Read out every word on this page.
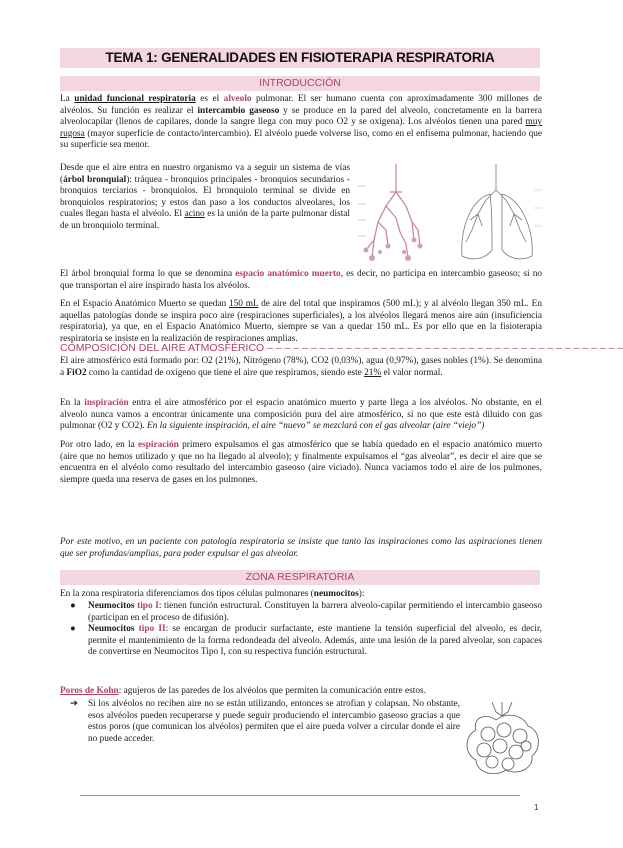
TEMA 1: GENERALIDADES EN FISIOTERAPIA RESPIRATORIA
INTRODUCCIÓN

La unidad funcional respiratoria es el alveolo pulmonar. El ser humano cuenta con aproximadamente 300 millones de alvéolos. Su función es realizar el intercambio gaseoso y se produce en la pared del alveolo, concretamente en la barrera alveolocapilar (llenos de capilares, donde la sangre llega con muy poco O2 y se oxigena). Los alvéolos tienen una pared muy rugosa (mayor superficie de contacto/intercambio). El alvéolo puede volverse liso, como en el enfisema pulmonar, haciendo que su superficie sea menor.

Desde que el aire entra en nuestro organismo va a seguir un sistema de vías (árbol bronquial): tráquea - bronquios principales - bronquios secundarios - bronquios terciarios - bronquiolos. El bronquiolo terminal se divide en bronquiolos respiratorios; y estos dan paso a los conductos alveolares, los cuales llegan hasta el alvéolo. El acino es la unión de la parte pulmonar distal de un bronquiolo terminal.

El árbol bronquial forma lo que se denomina espacio anatómico muerto, es decir, no participa en intercambio gaseoso; si no que transportan el aire inspirado hasta los alvéolos.

En el Espacio Anatómico Muerto se quedan 150 mL de aire del total que inspiramos (500 mL); y al alvéolo llegan 350 mL. En aquellas patologías donde se inspira poco aire (respiraciones superficiales), a los alvéolos llegará menos aire aún (insuficiencia respiratoria), ya que, en el Espacio Anatómico Muerto, siempre se van a quedar 150 mL. Es por ello que en la fisioterapia respiratoria se insiste en la realización de respiraciones amplias.

COMPOSICIÓN DEL AIRE ATMOSFÉRICO – – – – – – – – – – – – – – – – – – – – – – – – – – – – – – – – – – – – – – – – –

El aire atmosférico está formado por: O2 (21%), Nitrógeno (78%), CO2 (0,03%), agua (0,97%), gases nobles (1%). Se denomina a FiO2 como la cantidad de oxígeno que tiene el aire que respiramos, siendo este 21% el valor normal.

En la inspiración entra el aire atmosférico por el espacio anatómico muerto y parte llega a los alvéolos. No obstante, en el alveolo nunca vamos a encontrar únicamente una composición pura del aire atmosférico, si no que este está diluido con gas pulmonar (O2 y CO2). En la siguiente inspiración, el aire “nuevo” se mezclará con el gas alveolar (aire “viejo”)

Por otro lado, en la espiración primero expulsamos el gas atmosférico que se había quedado en el espacio anatómico muerto (aire que no hemos utilizado y que no ha llegado al alveolo); y finalmente expulsamos el “gas alveolar”, es decir el aire que se encuentra en el alvéolo como resultado del intercambio gaseoso (aire viciado). Nunca vaciamos todo el aire de los pulmones, siempre queda una reserva de gases en los pulmones.

Por este motivo, en un paciente con patología respiratoria se insiste que tanto las inspiraciones como las aspiraciones tienen que ser profundas/amplias, para poder expulsar el gas alveolar.

ZONA RESPIRATORIA

En la zona respiratoria diferenciamos dos tipos células pulmonares (neumocitos):

● Neumocitos tipo I: tienen función estructural. Constituyen la barrera alveolo-capilar permitiendo el intercambio gaseoso (participan en el proceso de difusión).
● Neumocitos tipo II: se encargan de producir surfactante, este mantiene la tensión superficial del alveolo, es decir, permite el mantenimiento de la forma redondeada del alveolo. Además, ante una lesión de la pared alveolar, son capaces de convertirse en Neumocitos Tipo I, con su respectiva función estructural.

Poros de Kohn: agujeros de las paredes de los alvéolos que permiten la comunicación entre estos.

➔ Si los alvéolos no reciben aire no se están utilizando, entonces se atrofian y colapsan. No obstante, esos alvéolos pueden recuperarse y puede seguir produciendo el intercambio gaseoso gracias a que estos poros (que comunican los alvéolos) permiten que el aire pueda volver a circular donde el aire no puede acceder.
1
